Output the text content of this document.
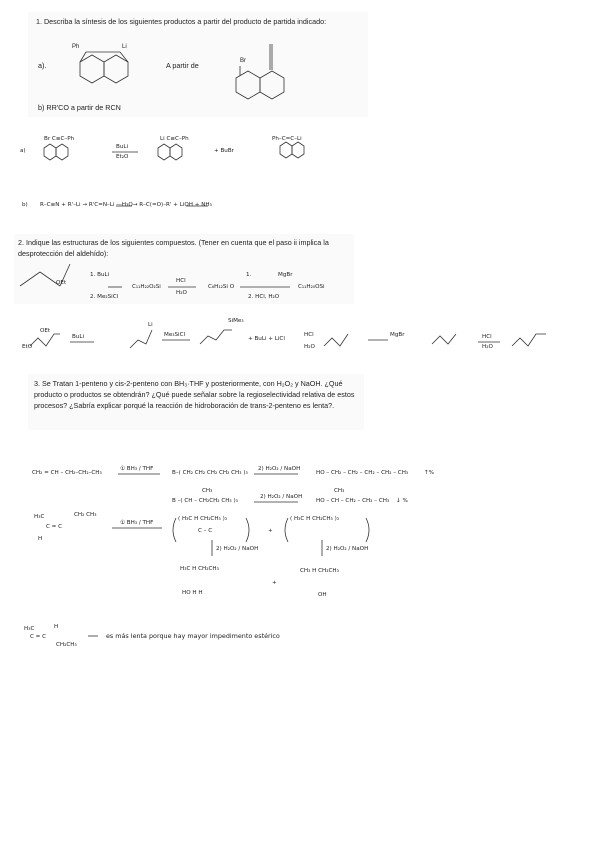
1. Describa la síntesis de los siguientes productos a partir del producto de partida indicado:
a).	A partir de
Ph	Li
Br
b) RR'CO a partir de RCN
2. Indique las estructuras de los siguientes compuestos. (Tener en cuenta que el paso ii implica la desprotección del aldehído):
3. Se Tratan 1-penteno y cis-2-penteno con BH₃·THF y posteriormente, con H₂O₂ y NaOH. ¿Qué producto o productos se obtendrán? ¿Qué puede señalar sobre la regioselectividad relativa de estos procesos? ¿Sabría explicar porqué la reacción de hidroboración de trans-2-penteno es lenta?.
a)
Br C≡C–Ph
BuLi
Et₂O
Li C≡C–Ph
+ BuBr
Ph–C=C–Li
b) R–C≡N + R'–Li → R'C=N–Li —H₃O→ R–C(=O)–R' + LiOH + NH₃
1. BuLi
2. Me₂SiCl
OEt
C₁₁H₂₂O₂Si
HCl
H₂O
C₆H₁₂Si O
1.	MgBr
2. HCl, H₂O
C₁₁H₂₀OSi
OEt
EtO
BuLi
Li
Me₃SiCl
SiMe₃
+ BuLi + LiCl
HCl
H₂O
MgBr	HCl
H₂O
CH₂ = CH – CH₂–CH₂–CH₃
① BH₃ / THF
B–( CH₂ CH₂ CH₂ CH₂ CH₃ )₃
2) H₂O₂ / NaOH
HO – CH₂ – CH₂ – CH₂ – CH₂ – CH₃	↑%
CH₃
B –( CH – CH₂CH₂ CH₃ )₃
2) H₂O₂ / NaOH
CH₃
HO – CH – CH₂ – CH₂ – CH₃ ↓ %
H₃C	CH₂ CH₃
C = C
H
① BH₃ / THF
( H₃C H CH₂CH₃ )₃
C – C	+
( H₃C H CH₂CH₃ )₃
2) H₂O₂ / NaOH	2) H₂O₂ / NaOH
H₃C H CH₂CH₃
HO H H
+
CH₃ H CH₂CH₃
OH
H₃C	H
C = C
CH₂CH₃
es más lenta porque hay mayor impedimento estérico
